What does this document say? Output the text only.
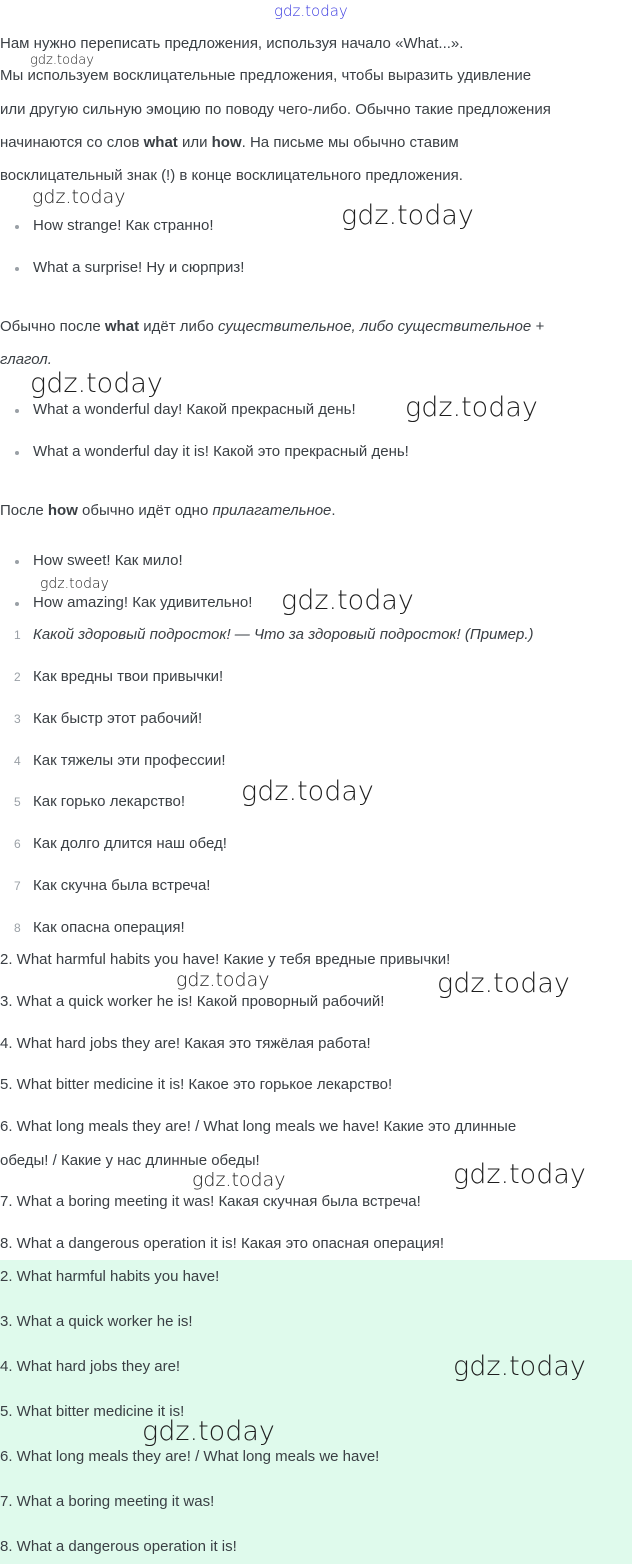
gdz.today
Нам нужно переписать предложения, используя начало «What...».
Мы используем восклицательные предложения, чтобы выразить удивление
или другую сильную эмоцию по поводу чего-либо. Обычно такие предложения
начинаются со слов what или how. На письме мы обычно ставим
восклицательный знак (!) в конце восклицательного предложения.
How strange! Как странно!
What a surprise! Ну и сюрприз!
Обычно после what идёт либо существительное, либо существительное +
глагол.
What a wonderful day! Какой прекрасный день!
What a wonderful day it is! Какой это прекрасный день!
После how обычно идёт одно прилагательное.
How sweet! Как мило!
How amazing! Как удивительно!
1 Какой здоровый подросток! — Что за здоровый подросток! (Пример.)
2 Как вредны твои привычки!
3 Как быстр этот рабочий!
4 Как тяжелы эти профессии!
5 Как горько лекарство!
6 Как долго длится наш обед!
7 Как скучна была встреча!
8 Как опасна операция!
2. What harmful habits you have! Какие у тебя вредные привычки!
3. What a quick worker he is! Какой проворный рабочий!
4. What hard jobs they are! Какая это тяжёлая работа!
5. What bitter medicine it is! Какое это горькое лекарство!
6. What long meals they are! / What long meals we have! Какие это длинные
обеды! / Какие у нас длинные обеды!
7. What a boring meeting it was! Какая скучная была встреча!
8. What a dangerous operation it is! Какая это опасная операция!
2. What harmful habits you have!
3. What a quick worker he is!
4. What hard jobs they are!
5. What bitter medicine it is!
6. What long meals they are! / What long meals we have!
7. What a boring meeting it was!
8. What a dangerous operation it is!
gdz.today
gdz.today
gdz.today
gdz.today
gdz.today
gdz.today
gdz.today
gdz.today
gdz.today	gdz.today
gdz.today	gdz.today
gdz.today
gdz.today
